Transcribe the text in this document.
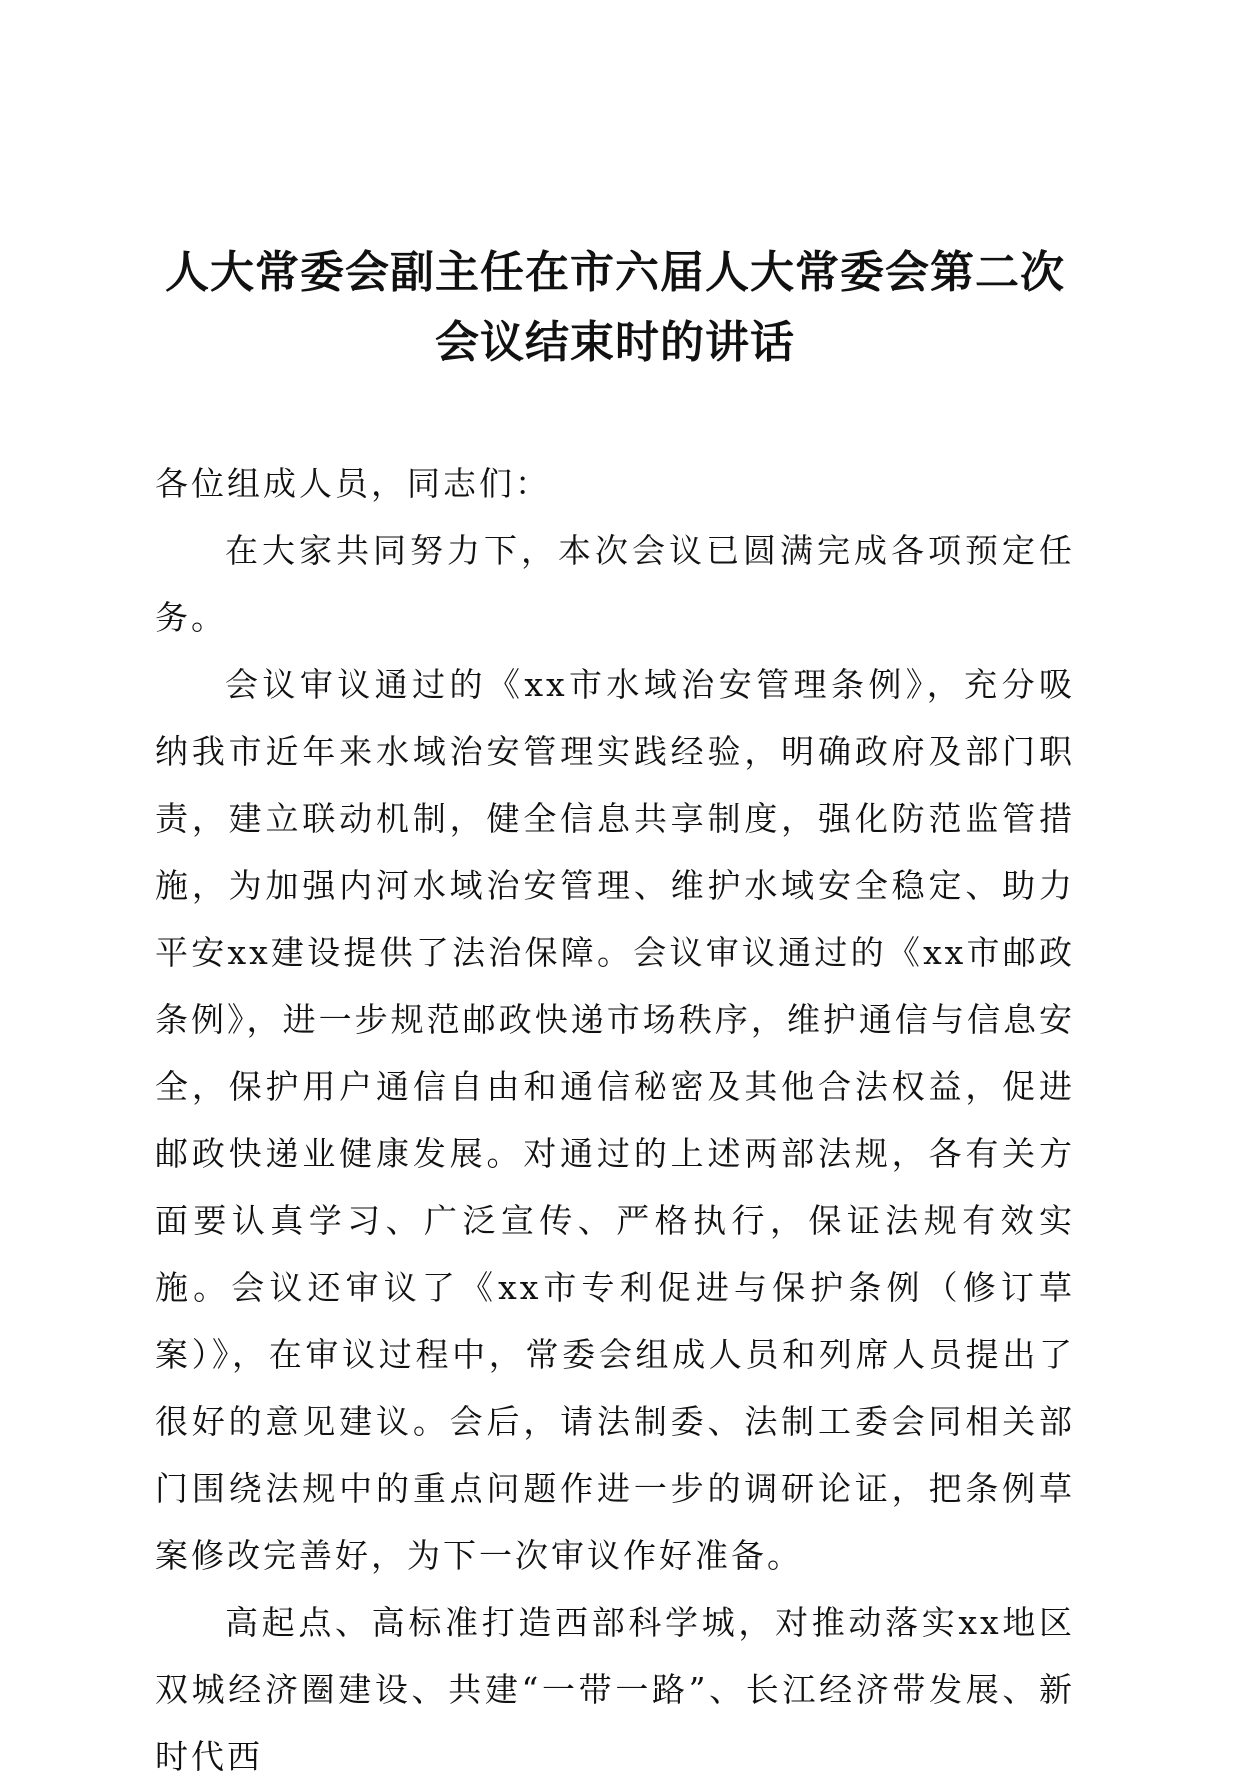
人大常委会副主任在市六届人大常委会第二次
会议结束时的讲话

各位组成人员，同志们：

在大家共同努力下，本次会议已圆满完成各项预定任务。

会议审议通过的《xx市水域治安管理条例》，充分吸纳我市近年来水域治安管理实践经验，明确政府及部门职责，建立联动机制，健全信息共享制度，强化防范监管措施，为加强内河水域治安管理、维护水域安全稳定、助力平安xx建设提供了法治保障。会议审议通过的《xx市邮政条例》，进一步规范邮政快递市场秩序，维护通信与信息安全，保护用户通信自由和通信秘密及其他合法权益，促进邮政快递业健康发展。对通过的上述两部法规，各有关方面要认真学习、广泛宣传、严格执行，保证法规有效实施。会议还审议了《xx市专利促进与保护条例（修订草案）》，在审议过程中，常委会组成人员和列席人员提出了很好的意见建议。会后，请法制委、法制工委会同相关部门围绕法规中的重点问题作进一步的调研论证，把条例草案修改完善好，为下一次审议作好准备。

高起点、高标准打造西部科学城，对推动落实xx地区双城经济圈建设、共建“一带一路”、长江经济带发展、新时代西
